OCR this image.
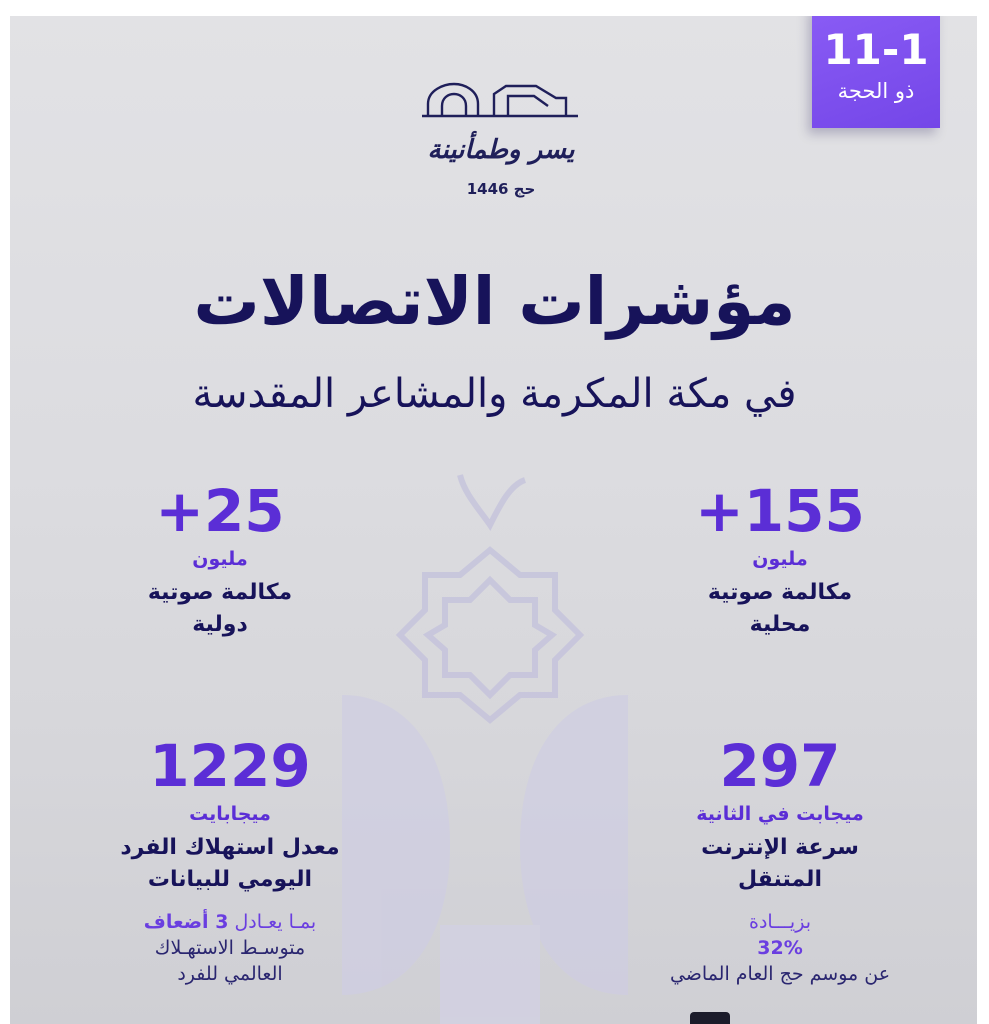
11-1
ذو الحجة
يسر وطمأنينة
حج 1446
مؤشرات الاتصالات
في مكة المكرمة والمشاعر المقدسة
+155
مليون
مكالمة صوتية
محلية
+25
مليون
مكالمة صوتية
دولية
297
ميجابت في الثانية
سرعة الإنترنت
المتنقل
بزيـــادة
32%
عن موسم حج العام الماضي
1229
ميجابايت
معدل استهلاك الفرد
اليومي للبيانات
بمـا يعـادل 3 أضعاف
متوسـط الاستهـلاك
العالمي للفرد
